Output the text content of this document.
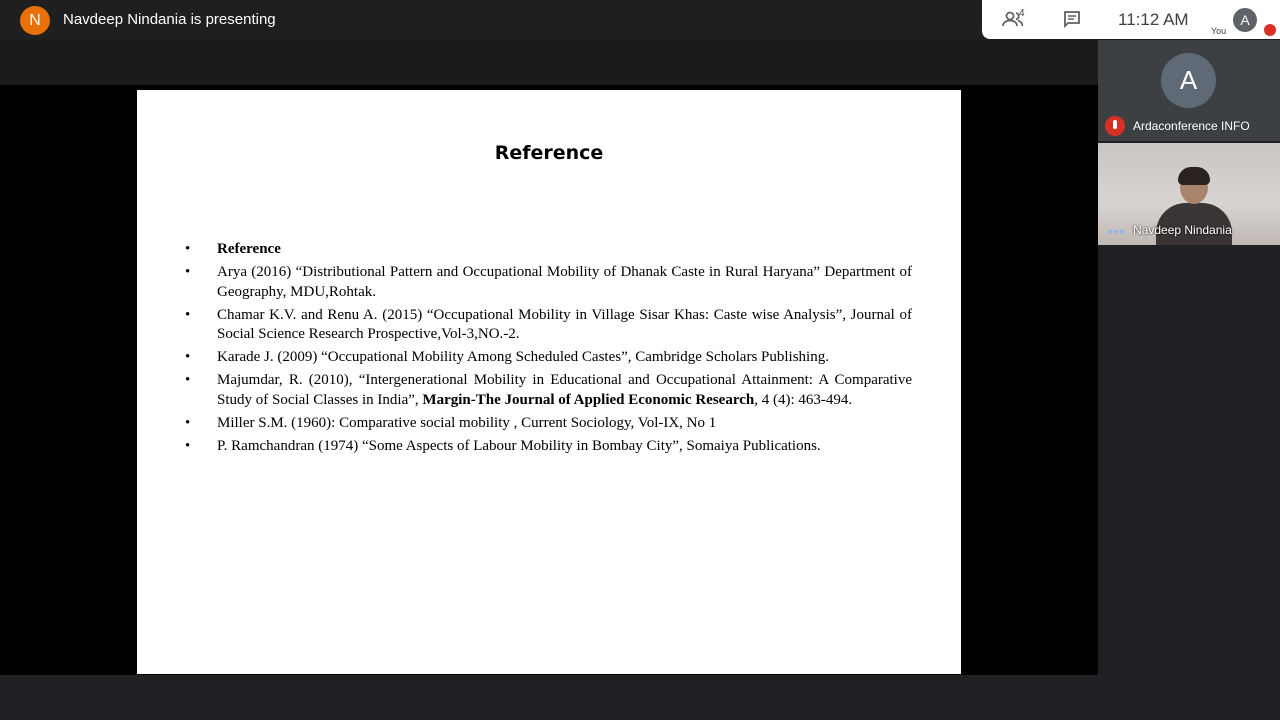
N	Navdeep Nindania is presenting	4	11:12 AM	A
You
Reference
• Reference
• Arya (2016) “Distributional Pattern and Occupational Mobility of Dhanak Caste in Rural Haryana” Department of Geography, MDU,Rohtak.
• Chamar K.V. and Renu A. (2015) “Occupational Mobility in Village Sisar Khas: Caste wise Analysis”, Journal of Social Science Research Prospective,Vol-3,NO.-2.
• Karade J. (2009) “Occupational Mobility Among Scheduled Castes”, Cambridge Scholars Publishing.
• Majumdar, R. (2010), “Intergenerational Mobility in Educational and Occupational Attainment: A Comparative Study of Social Classes in India”, Margin-The Journal of Applied Economic Research, 4 (4): 463-494.
• Miller S.M. (1960): Comparative social mobility , Current Sociology, Vol-IX, No 1
• P. Ramchandran (1974) “Some Aspects of Labour Mobility in Bombay City”, Somaiya Publications.
A
Ardaconference INFO
••• Navdeep Nindania
